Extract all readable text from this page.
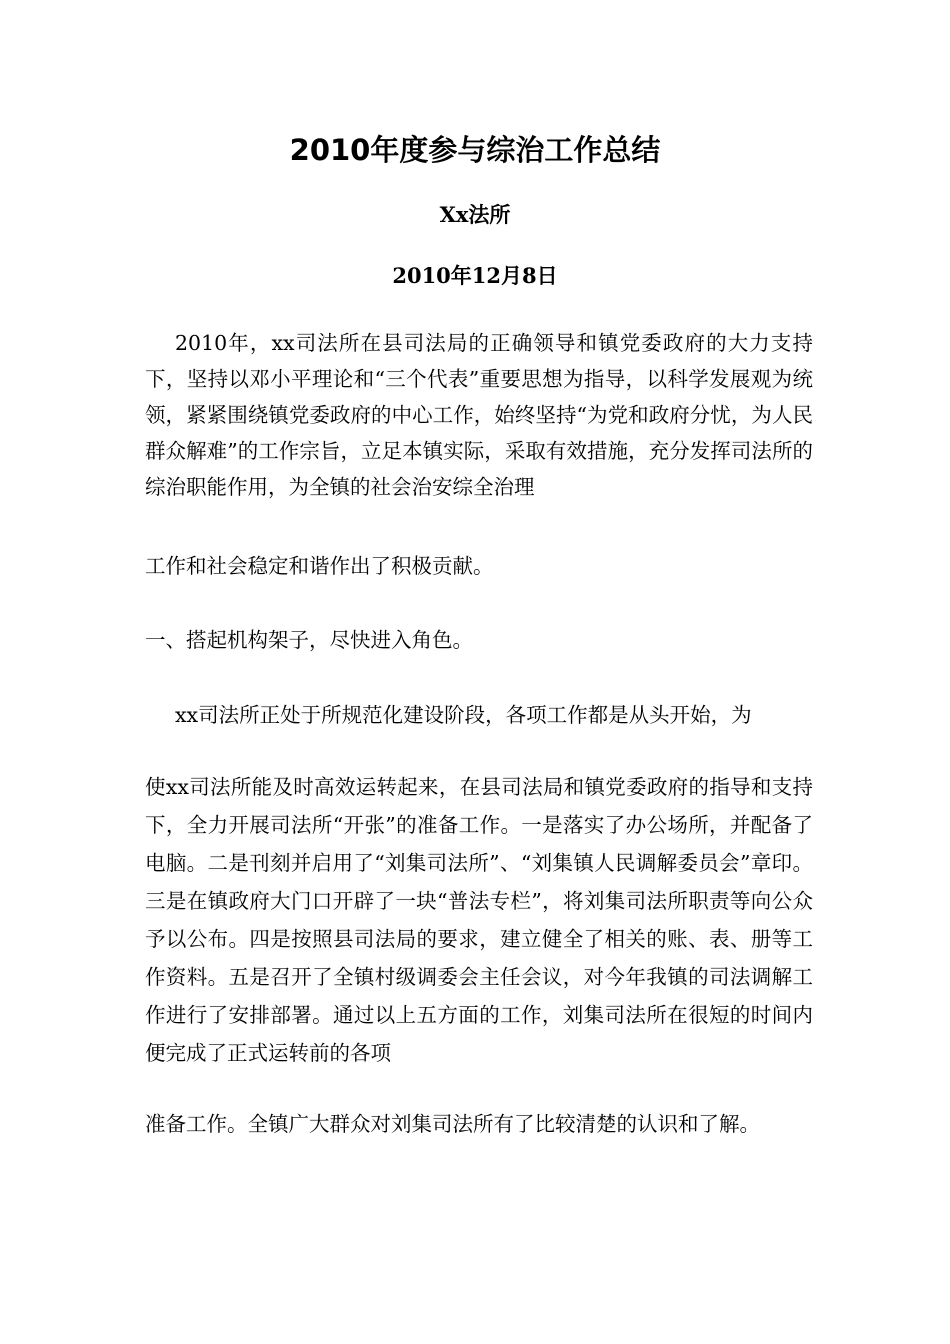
2010年度参与综治工作总结

Xx法所

2010年12月8日

2010年，xx司法所在县司法局的正确领导和镇党委政府的大力支持下，坚持以邓小平理论和“三个代表”重要思想为指导，以科学发展观为统领，紧紧围绕镇党委政府的中心工作，始终坚持“为党和政府分忧，为人民群众解难”的工作宗旨，立足本镇实际，采取有效措施，充分发挥司法所的综治职能作用，为全镇的社会治安综全治理

工作和社会稳定和谐作出了积极贡献。

一、搭起机构架子，尽快进入角色。

xx司法所正处于所规范化建设阶段，各项工作都是从头开始，为

使xx司法所能及时高效运转起来，在县司法局和镇党委政府的指导和支持下，全力开展司法所“开张”的准备工作。一是落实了办公场所，并配备了电脑。二是刊刻并启用了“刘集司法所”、“刘集镇人民调解委员会”章印。三是在镇政府大门口开辟了一块“普法专栏”，将刘集司法所职责等向公众予以公布。四是按照县司法局的要求，建立健全了相关的账、表、册等工作资料。五是召开了全镇村级调委会主任会议，对今年我镇的司法调解工作进行了安排部署。通过以上五方面的工作，刘集司法所在很短的时间内便完成了正式运转前的各项

准备工作。全镇广大群众对刘集司法所有了比较清楚的认识和了解。
